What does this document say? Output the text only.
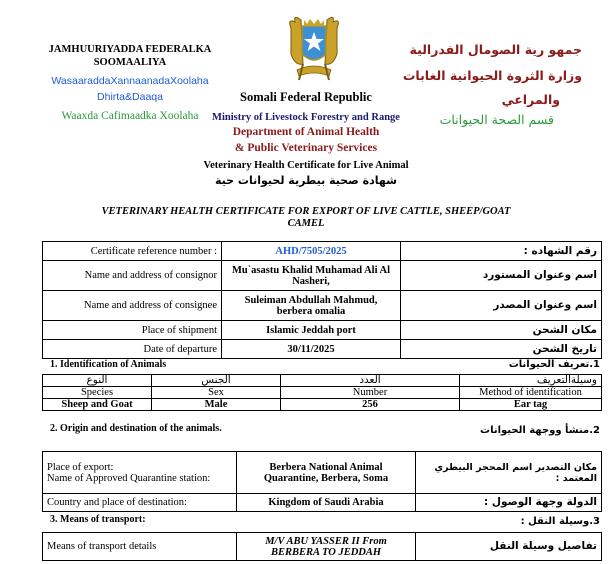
JAMHUURIYADDA FEDERALKA
SOOMAALIYA
WasaaraddaXannaanadaXoolaha
Dhirta&Daaqa
Waaxda Cafimaadka Xoolaha
Somali Federal Republic
Ministry of Livestock Forestry and Range
Department of Animal Health
& Public Veterinary Services
Veterinary Health Certificate for Live Animal
شهادة صحية بيطرية لحيوانات حية
جمهو رية الصومال الفدرالية
وزارة الثروة الحيوانية الغابات
والمراعي
قسم الصحة الحيوانات
VETERINARY HEALTH CERTIFICATE FOR EXPORT OF LIVE CATTLE, SHEEP/GOAT
CAMEL
Certificate reference number :	AHD/7505/2025	رقم الشهاده :
Name and address of consignor	Mu`asastu Khalid Muhamad Ali Al Nasheri,	اسم وعنوان المستورد
Name and address of consignee	Suleiman Abdullah Mahmud, berbera omalia	اسم وعنوان المصدر
Place of shipment	Islamic Jeddah port	مكان الشحن
Date of departure	30/11/2025	تاريخ الشحن
1. Identification of Animals	1.تعريف الحيوانات
النوع	الجنس	العدد	وسيلةالتعريف
Species	Sex	Number	Method of identification
Sheep and Goat	Male	256	Ear tag
2. Origin and destination of the animals.	2.منشأ ووجهة الحيوانات
Place of export:
Name of Approved Quarantine station:	Berbera National Animal Quarantine, Berbera, Soma	مكان التصدير اسم المحجر البيطري المعتمد :
Country and place of destination:	Kingdom of Saudi Arabia	الدولة وجهة الوصول :
3. Means of transport:	3.وسيلة النقل :
Means of transport details	M/V ABU YASSER II From
BERBERA TO JEDDAH	تفاصيل وسيلة النقل
